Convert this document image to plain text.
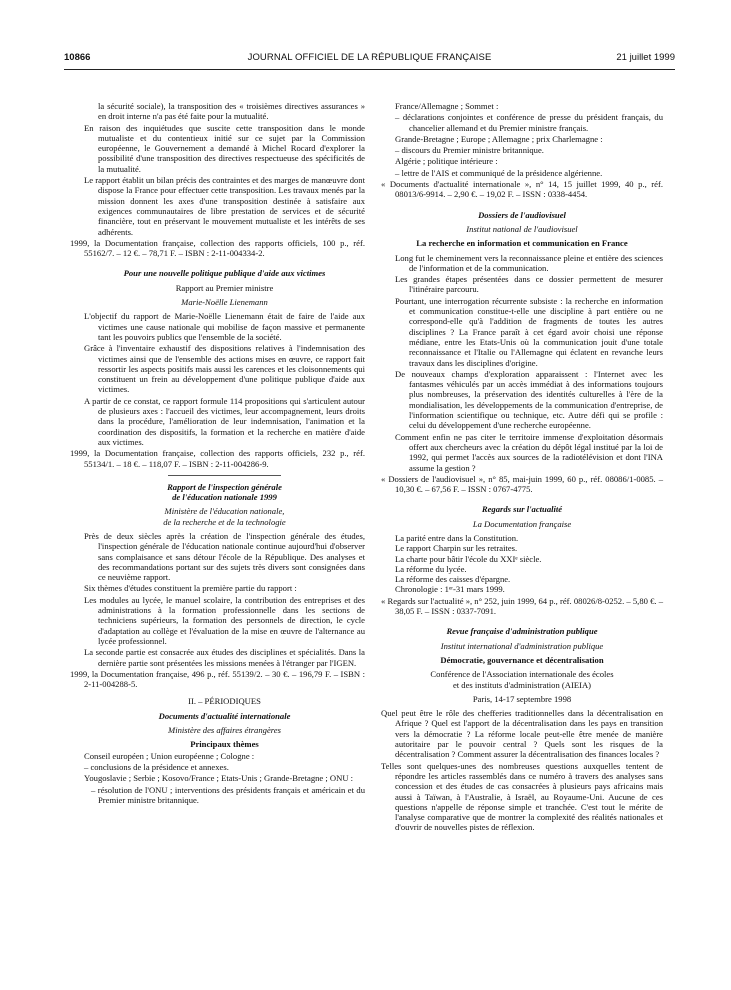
10866	JOURNAL OFFICIEL DE LA RÉPUBLIQUE FRANÇAISE	21 juillet 1999

la sécurité sociale), la transposition des « troisièmes directives assurances » en droit interne n'a pas été faite pour la mutualité.

En raison des inquiétudes que suscite cette transposition dans le monde mutualiste et du contentieux initié sur ce sujet par la Commission européenne, le Gouvernement a demandé à Michel Rocard d'explorer la possibilité d'une transposition des directives respectueuse des spécificités de la mutualité.

Le rapport établit un bilan précis des contraintes et des marges de manœuvre dont dispose la France pour effectuer cette transposition. Les travaux menés par la mission donnent les axes d'une transposition destinée à satisfaire aux exigences communautaires de libre prestation de services et de sécurité financière, tout en préservant le mouvement mutualiste et les intérêts de ses adhérents.

1999, la Documentation française, collection des rapports officiels, 100 p., réf. 55162/7. – 12 €. – 78,71 F. – ISBN : 2-11-004334-2.

Pour une nouvelle politique publique d'aide aux victimes

Rapport au Premier ministre

Marie-Noëlle Lienemann

L'objectif du rapport de Marie-Noëlle Lienemann était de faire de l'aide aux victimes une cause nationale qui mobilise de façon massive et permanente tant les pouvoirs publics que l'ensemble de la société.

Grâce à l'inventaire exhaustif des dispositions relatives à l'indemnisation des victimes ainsi que de l'ensemble des actions mises en œuvre, ce rapport fait ressortir les aspects positifs mais aussi les carences et les cloisonnements qui constituent un frein au développement d'une politique publique d'aide aux victimes.

A partir de ce constat, ce rapport formule 114 propositions qui s'articulent autour de plusieurs axes : l'accueil des victimes, leur accompagnement, leurs droits dans la procédure, l'amélioration de leur indemnisation, l'animation et la coordination des dispositifs, la formation et la recherche en matière d'aide aux victimes.

1999, la Documentation française, collection des rapports officiels, 232 p., réf. 55134/1. – 18 €. – 118,07 F. – ISBN : 2-11-004286-9.

Rapport de l'inspection générale

de l'éducation nationale 1999

Ministère de l'éducation nationale,

de la recherche et de la technologie

Près de deux siècles après la création de l'inspection générale des études, l'inspection générale de l'éducation nationale continue aujourd'hui d'observer sans complaisance et sans détour l'école de la République. Des analyses et des recommandations portant sur des sujets très divers sont consignées dans ce neuvième rapport.

Six thèmes d'études constituent la première partie du rapport :

Les modules au lycée, le manuel scolaire, la contribution des entreprises et des administrations à la formation professionnelle dans les sections de techniciens supérieurs, la formation des personnels de direction, le cycle d'adaptation au collège et l'évaluation de la mise en œuvre de l'alternance au lycée professionnel.

La seconde partie est consacrée aux études des disciplines et spécialités. Dans la dernière partie sont présentées les missions menées à l'étranger par l'IGEN.

1999, la Documentation française, 496 p., réf. 55139/2. – 30 €. – 196,79 F. – ISBN : 2-11-004288-5.

II. – PÉRIODIQUES

Documents d'actualité internationale

Ministère des affaires étrangères

Principaux thèmes

Conseil européen ; Union européenne ; Cologne :

– conclusions de la présidence et annexes.

Yougoslavie ; Serbie ; Kosovo/France ; Etats-Unis ; Grande-Bretagne ; ONU :

– résolution de l'ONU ; interventions des présidents français et américain et du Premier ministre britannique.

France/Allemagne ; Sommet :

– déclarations conjointes et conférence de presse du président français, du chancelier allemand et du Premier ministre français.

Grande-Bretagne ; Europe ; Allemagne ; prix Charlemagne :

– discours du Premier ministre britannique.

Algérie ; politique intérieure :

– lettre de l'AIS et communiqué de la présidence algérienne.

« Documents d'actualité internationale », n° 14, 15 juillet 1999, 40 p., réf. 08013/6-9914. – 2,90 €. – 19,02 F. – ISSN : 0338-4454.

Dossiers de l'audiovisuel

Institut national de l'audiovisuel

La recherche en information et communication en France

Long fut le cheminement vers la reconnaissance pleine et entière des sciences de l'information et de la communication.

Les grandes étapes présentées dans ce dossier permettent de mesurer l'itinéraire parcouru.

Pourtant, une interrogation récurrente subsiste : la recherche en information et communication constitue-t-elle une discipline à part entière ou ne correspond-elle qu'à l'addition de fragments de toutes les autres disciplines ? La France paraît à cet égard avoir choisi une réponse médiane, entre les Etats-Unis où la communication jouit d'une totale reconnaissance et l'Italie ou l'Allemagne qui éclatent en revanche leurs travaux dans les disciplines d'origine.

De nouveaux champs d'exploration apparaissent : l'Internet avec les fantasmes véhiculés par un accès immédiat à des informations toujours plus nombreuses, la préservation des identités culturelles à l'ère de la mondialisation, les développements de la communication d'entreprise, de l'information scientifique ou technique, etc. Autre défi qui se profile : celui du développement d'une recherche européenne.

Comment enfin ne pas citer le territoire immense d'exploitation désormais offert aux chercheurs avec la création du dépôt légal institué par la loi de 1992, qui permet l'accès aux sources de la radiotélévision et dont l'INA assume la gestion ?

« Dossiers de l'audiovisuel », n° 85, mai-juin 1999, 60 p., réf. 08086/1-0085. – 10,30 €. – 67,56 F. – ISSN : 0767-4775.

Regards sur l'actualité

La Documentation française

La parité entre dans la Constitution.

Le rapport Charpin sur les retraites.

La charte pour bâtir l'école du XXIᵉ siècle.

La réforme du lycée.

La réforme des caisses d'épargne.

Chronologie : 1ᵉʳ-31 mars 1999.

« Regards sur l'actualité », n° 252, juin 1999, 64 p., réf. 08026/8-0252. – 5,80 €. – 38,05 F. – ISSN : 0337-7091.

Revue française d'administration publique

Institut international d'administration publique

Démocratie, gouvernance et décentralisation

Conférence de l'Association internationale des écoles

et des instituts d'administration (AIEIA)

Paris, 14-17 septembre 1998

Quel peut être le rôle des chefferies traditionnelles dans la décentralisation en Afrique ? Quel est l'apport de la décentralisation dans les pays en transition vers la démocratie ? La réforme locale peut-elle être menée de manière autoritaire par le pouvoir central ? Quels sont les risques de la décentralisation ? Comment assurer la décentralisation des finances locales ?

Telles sont quelques-unes des nombreuses questions auxquelles tentent de répondre les articles rassemblés dans ce numéro à travers des analyses sans concession et des études de cas consacrées à plusieurs pays africains mais aussi à Taïwan, à l'Australie, à Israël, au Royaume-Uni. Aucune de ces questions n'appelle de réponse simple et tranchée. C'est tout le mérite de l'analyse comparative que de montrer la complexité des réalités nationales et d'ouvrir de nouvelles pistes de réflexion.
